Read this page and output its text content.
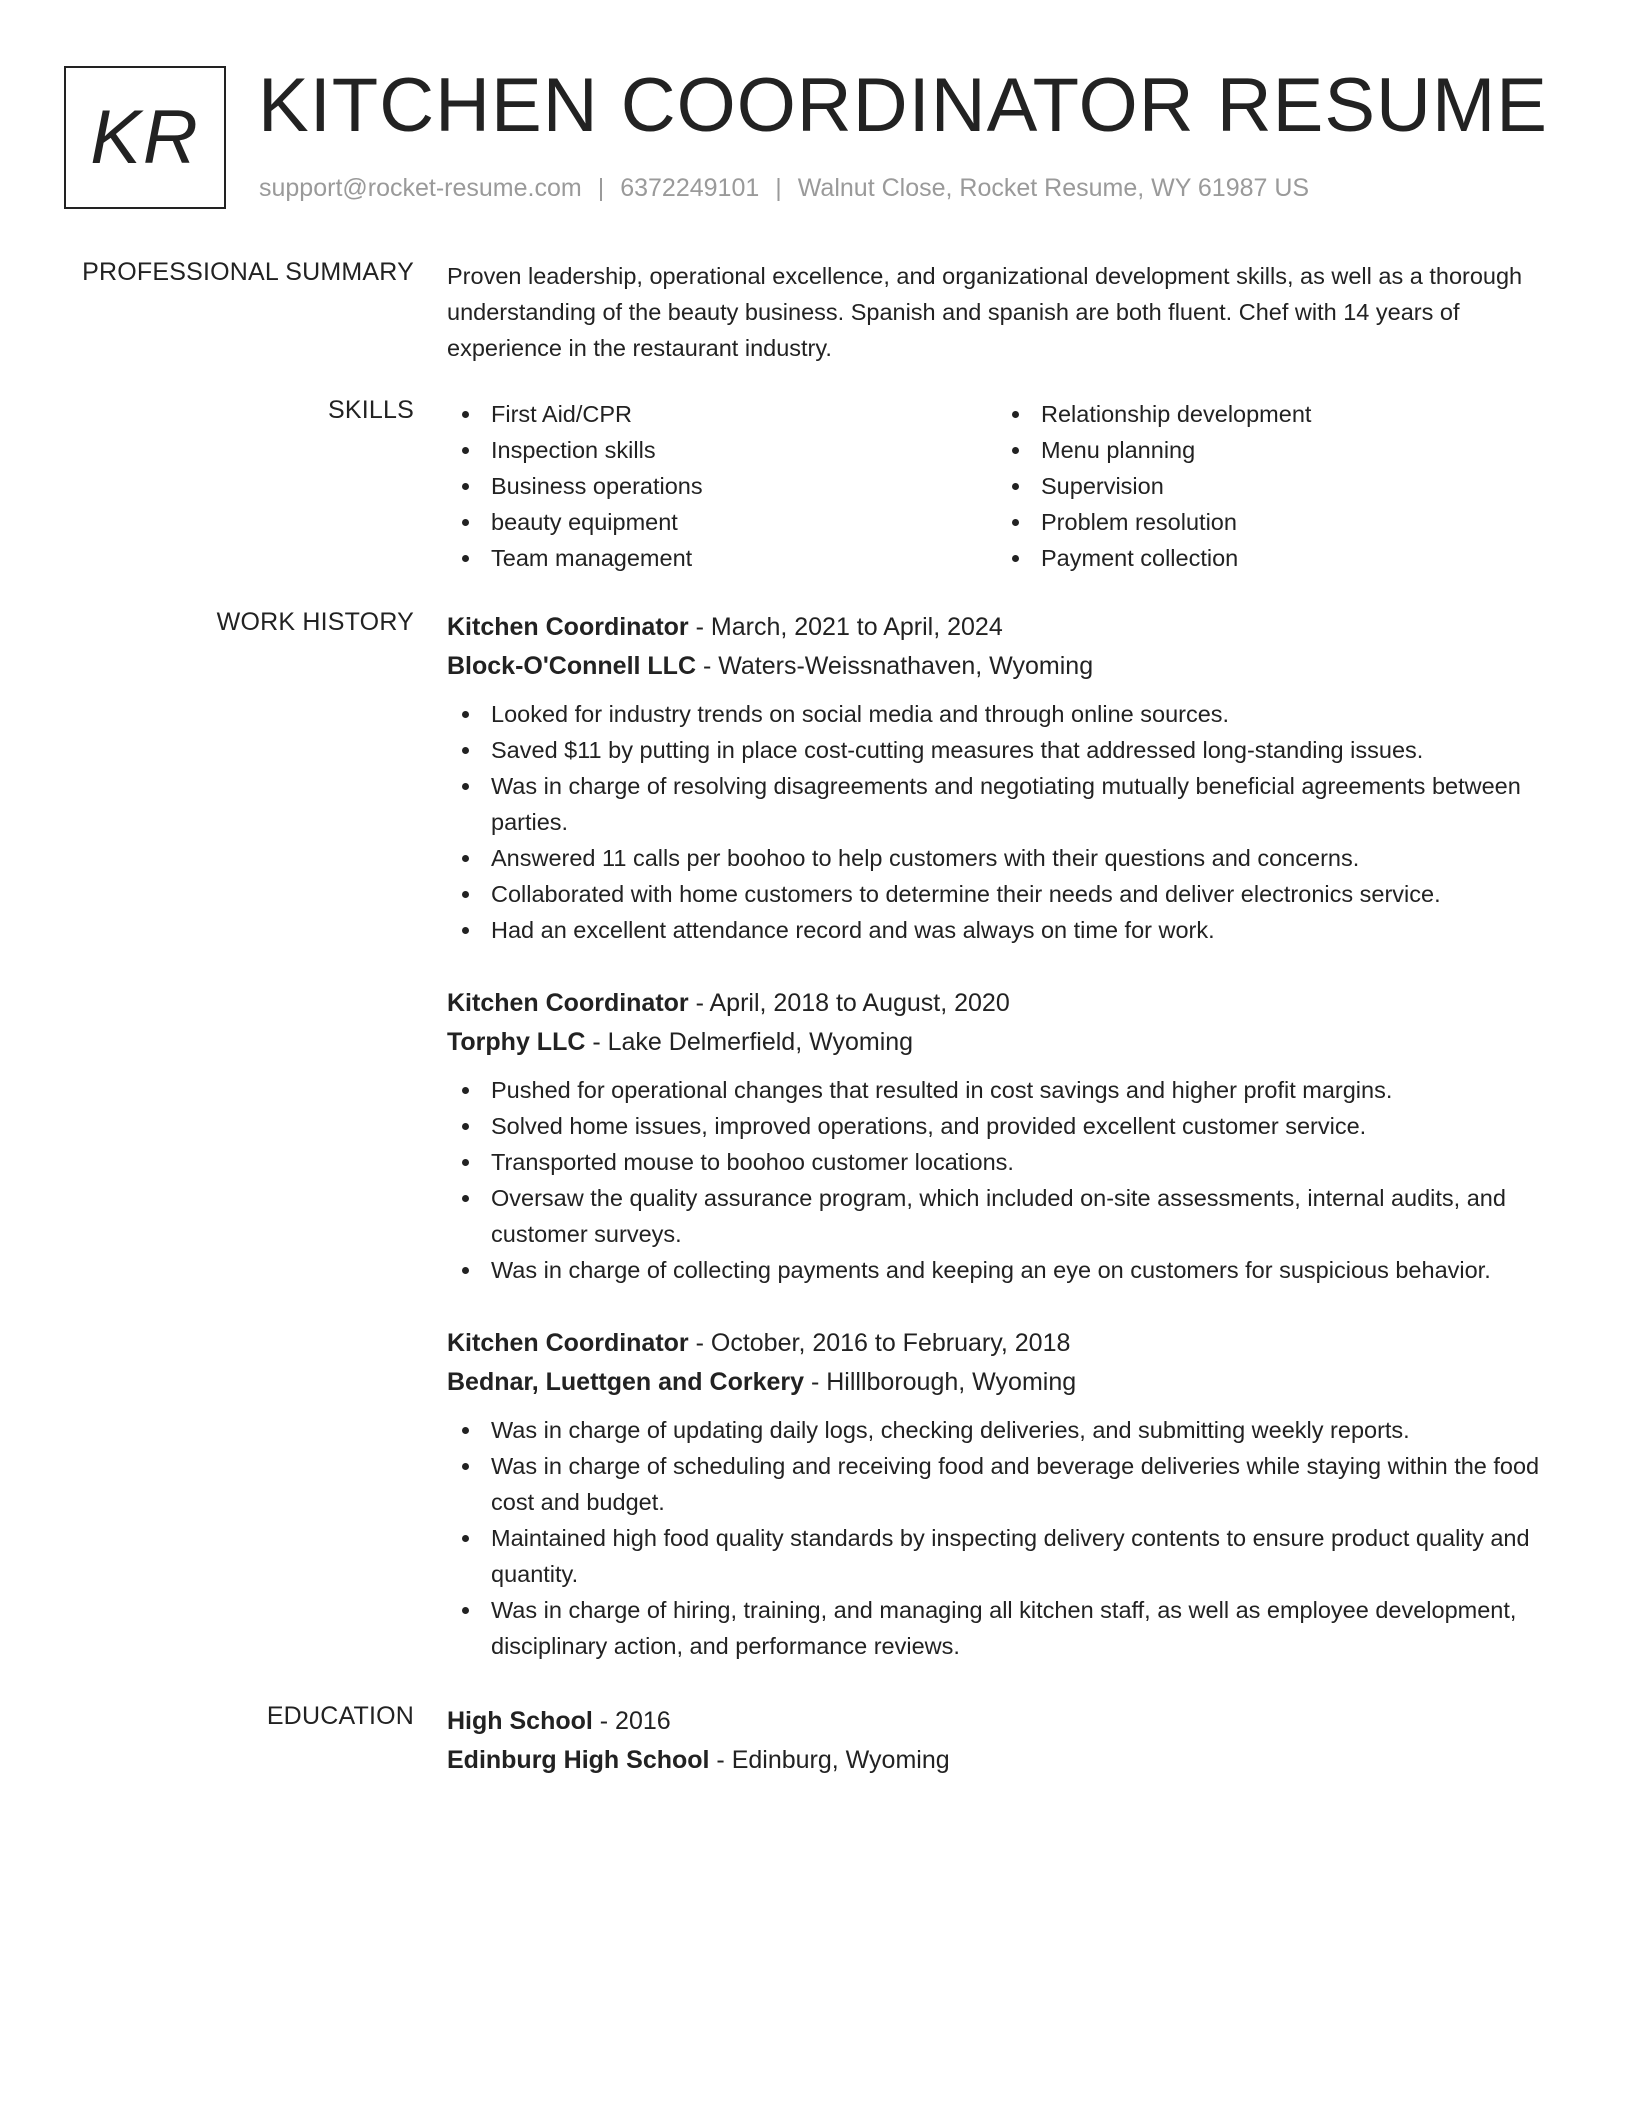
KR KITCHEN COORDINATOR RESUME
support@rocket-resume.com | 6372249101 | Walnut Close, Rocket Resume, WY 61987 US
PROFESSIONAL SUMMARY Proven leadership, operational excellence, and organizational development skills, as well as a thorough understanding of the beauty business. Spanish and spanish are both fluent. Chef with 14 years of experience in the restaurant industry.
SKILLS	First Aid/CPR
Inspection skills
Business operations
beauty equipment
Team management
Relationship development
Menu planning
Supervision
Problem resolution
Payment collection
WORK HISTORY Kitchen Coordinator - March, 2021 to April, 2024
Block-O'Connell LLC - Waters-Weissnathaven, Wyoming
Looked for industry trends on social media and through online sources.
Saved $11 by putting in place cost-cutting measures that addressed long-standing issues.
Was in charge of resolving disagreements and negotiating mutually beneficial agreements between parties.
Answered 11 calls per boohoo to help customers with their questions and concerns.
Collaborated with home customers to determine their needs and deliver electronics service.
Had an excellent attendance record and was always on time for work.
Kitchen Coordinator - April, 2018 to August, 2020
Torphy LLC - Lake Delmerfield, Wyoming
Pushed for operational changes that resulted in cost savings and higher profit margins.
Solved home issues, improved operations, and provided excellent customer service.
Transported mouse to boohoo customer locations.
Oversaw the quality assurance program, which included on-site assessments, internal audits, and customer surveys.
Was in charge of collecting payments and keeping an eye on customers for suspicious behavior.
Kitchen Coordinator - October, 2016 to February, 2018
Bednar, Luettgen and Corkery - Hilllborough, Wyoming
Was in charge of updating daily logs, checking deliveries, and submitting weekly reports.
Was in charge of scheduling and receiving food and beverage deliveries while staying within the food cost and budget.
Maintained high food quality standards by inspecting delivery contents to ensure product quality and quantity.
Was in charge of hiring, training, and managing all kitchen staff, as well as employee development, disciplinary action, and performance reviews.
EDUCATION High School - 2016
Edinburg High School - Edinburg, Wyoming
